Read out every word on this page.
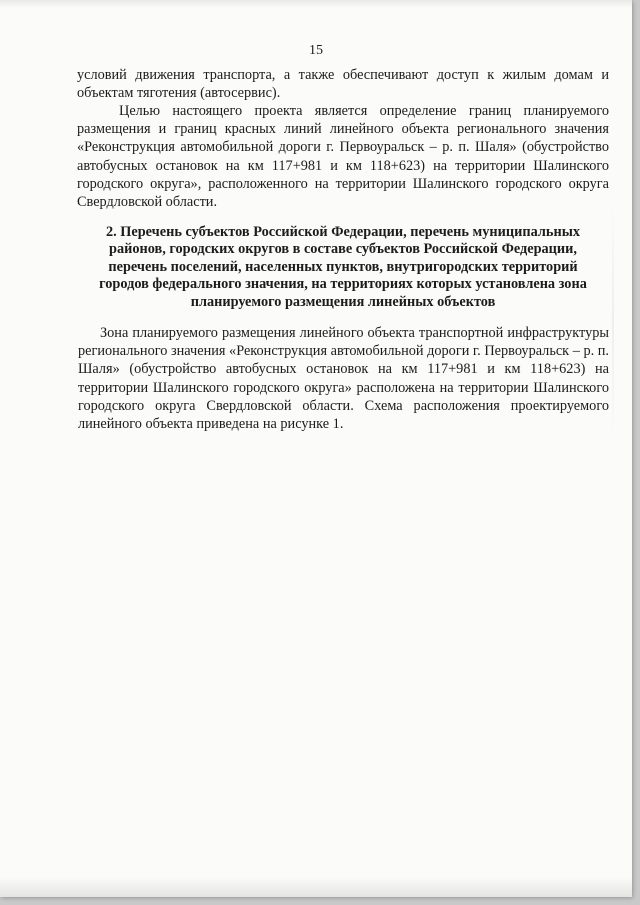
15

условий движения транспорта, а также обеспечивают доступ к жилым домам и объектам тяготения (автосервис).

Целью настоящего проекта является определение границ планируемого размещения и границ красных линий линейного объекта регионального значения «Реконструкция автомобильной дороги г. Первоуральск – р. п. Шаля» (обустройство автобусных остановок на км 117+981 и км 118+623) на территории Шалинского городского округа», расположенного на территории Шалинского городского округа Свердловской области.

2. Перечень субъектов Российской Федерации, перечень муниципальных районов, городских округов в составе субъектов Российской Федерации, перечень поселений, населенных пунктов, внутригородских территорий городов федерального значения, на территориях которых установлена зона планируемого размещения линейных объектов

Зона планируемого размещения линейного объекта транспортной инфраструктуры регионального значения «Реконструкция автомобильной дороги г. Первоуральск – р. п. Шаля» (обустройство автобусных остановок на км 117+981 и км 118+623) на территории Шалинского городского округа» расположена на территории Шалинского городского округа Свердловской области. Схема расположения проектируемого линейного объекта приведена на рисунке 1.
